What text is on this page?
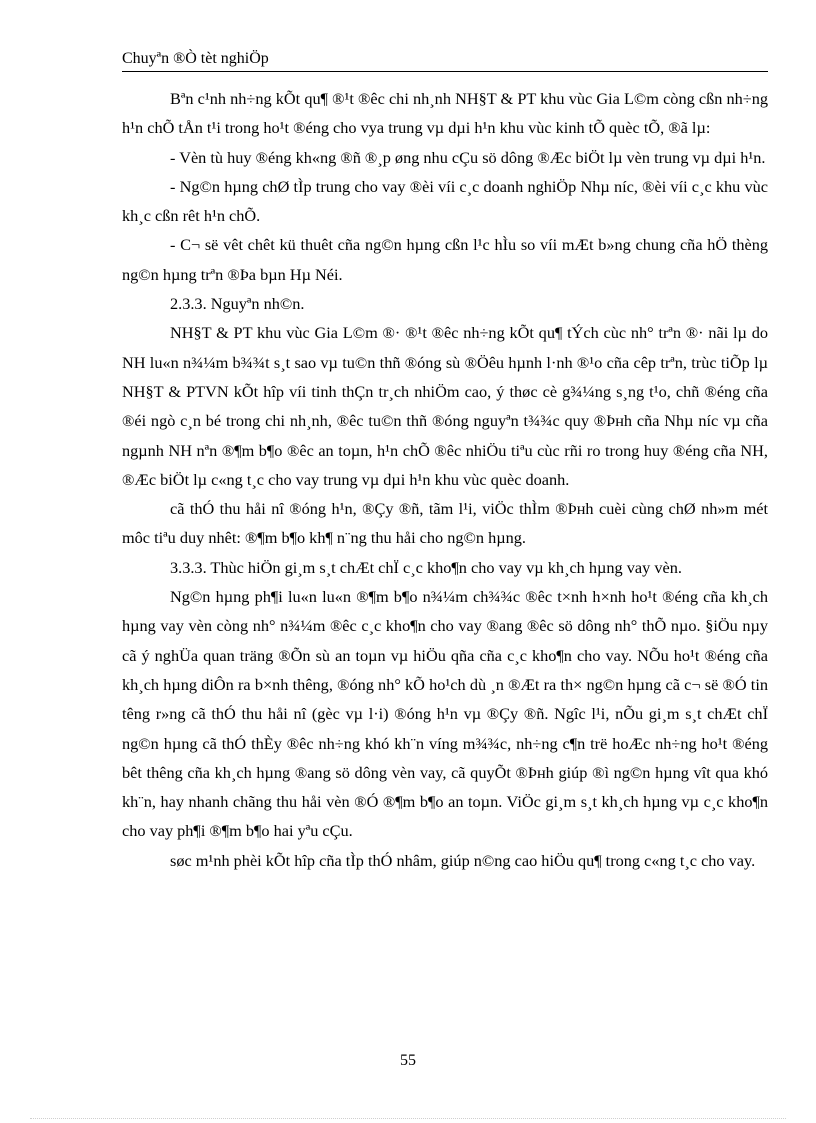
Chuyªn ®Ò tèt nghiÖp

Bªn c¹nh nh÷ng kÕt qu¶ ®¹t ®êc chi nh¸nh NH§T & PT khu vùc Gia L©m còng cßn nh÷ng h¹n chÕ tÅn t¹i trong ho¹t ®éng cho vya trung vµ dµi h¹n khu vùc kinh tÕ quèc tÕ, ®ã lµ:

- Vèn tù huy ®éng kh«ng ®ñ ®¸p øng nhu cÇu sö dông ®Æc biÖt lµ vèn trung vµ dµi h¹n.

- Ng©n hµng chØ tÌp trung cho vay ®èi víi c¸c doanh nghiÖp Nhµ níc, ®èi víi c¸c khu vùc kh¸c cßn rêt h¹n chÕ.

- C¬ së vêt chêt kü thuêt cña ng©n hµng cßn l¹c hÌu so víi mÆt b»ng chung cña hÖ thèng ng©n hµng trªn ®Þа bµn Hµ Néi.

2.3.3. Nguyªn nh©n.

NH§T & PT khu vùc Gia L©m ®· ®¹t ®êc nh÷ng kÕt qu¶ tÝch cùc nh° trªn ®· nãi lµ do NH lu«n n¾¼m b¾¾t s¸t sao vµ tu©n thñ ®óng sù ®Öêu hµnh l·nh ®¹o cña cêp trªn, trùc tiÕp lµ NH§T & PTVN kÕt hîp víi tinh thÇn tr¸ch nhiÖm cao, ý thøc cè g¾¼ng s¸ng t¹o, chñ ®éng cña ®éi ngò c¸n bé trong chi nh¸nh, ®êc tu©n thñ ®óng nguyªn t¾¾c quy ®Þнh cña Nhµ níc vµ cña ngµnh NH nªn ®¶m b¶o ®êc an toµn, h¹n chÕ ®êc nhiÖu tiªu cùc rñi ro trong huy ®éng cña NH, ®Æc biÖt lµ c«ng t¸c cho vay trung vµ dµi h¹n khu vùc quèc doanh.

cã thÓ thu håi nî ®óng h¹n, ®Çy ®ñ, tãm l¹i, viÖc thÌm ®Þнh cuèi cùng chØ nh»m mét môc tiªu duy nhêt: ®¶m b¶o kh¶ n¨ng thu håi cho ng©n hµng.

3.3.3. Thùc hiÖn gi¸m s¸t chÆt chÏ c¸c kho¶n cho vay vµ kh¸ch hµng vay vèn.

Ng©n hµng ph¶i lu«n lu«n ®¶m b¶o n¾¼m ch¾¾c ®êc t×nh h×nh ho¹t ®éng cña kh¸ch hµng vay vèn còng nh° n¾¼m ®êc c¸c kho¶n cho vay ®ang ®êc sö dông nh° thÕ nµo. §iÖu nµy cã ý nghÜa quan träng ®Õn sù an toµn vµ hiÖu qña cña c¸c kho¶n cho vay. NÕu ho¹t ®éng cña kh¸ch hµng diÔn ra b×nh thêng, ®óng nh° kÕ ho¹ch dù ¸n ®Æt ra th× ng©n hµng cã c¬ së ®Ó tin têng r»ng cã thÓ thu håi nî (gèc vµ l·i) ®óng h¹n vµ ®Çy ®ñ. Ngîc l¹i, nÕu gi¸m s¸t chÆt chÏ ng©n hµng cã thÓ thÈy ®êc nh÷ng khó kh¨n víng m¾¾c, nh÷ng c¶n trë hoÆc nh÷ng ho¹t ®éng bêt thêng cña kh¸ch hµng ®ang sö dông vèn vay, cã quyÕt ®Þнh giúp ®ì ng©n hµng vît qua khó kh¨n, hay nhanh chãng thu håi vèn ®Ó ®¶m b¶o an toµn. ViÖc gi¸m s¸t kh¸ch hµng vµ c¸c kho¶n cho vay ph¶i ®¶m b¶o hai yªu cÇu.

søc m¹nh phèi kÕt hîp cña tÌp thÓ nhâm, giúp n©ng cao hiÖu qu¶ trong c«ng t¸c cho vay.

55
